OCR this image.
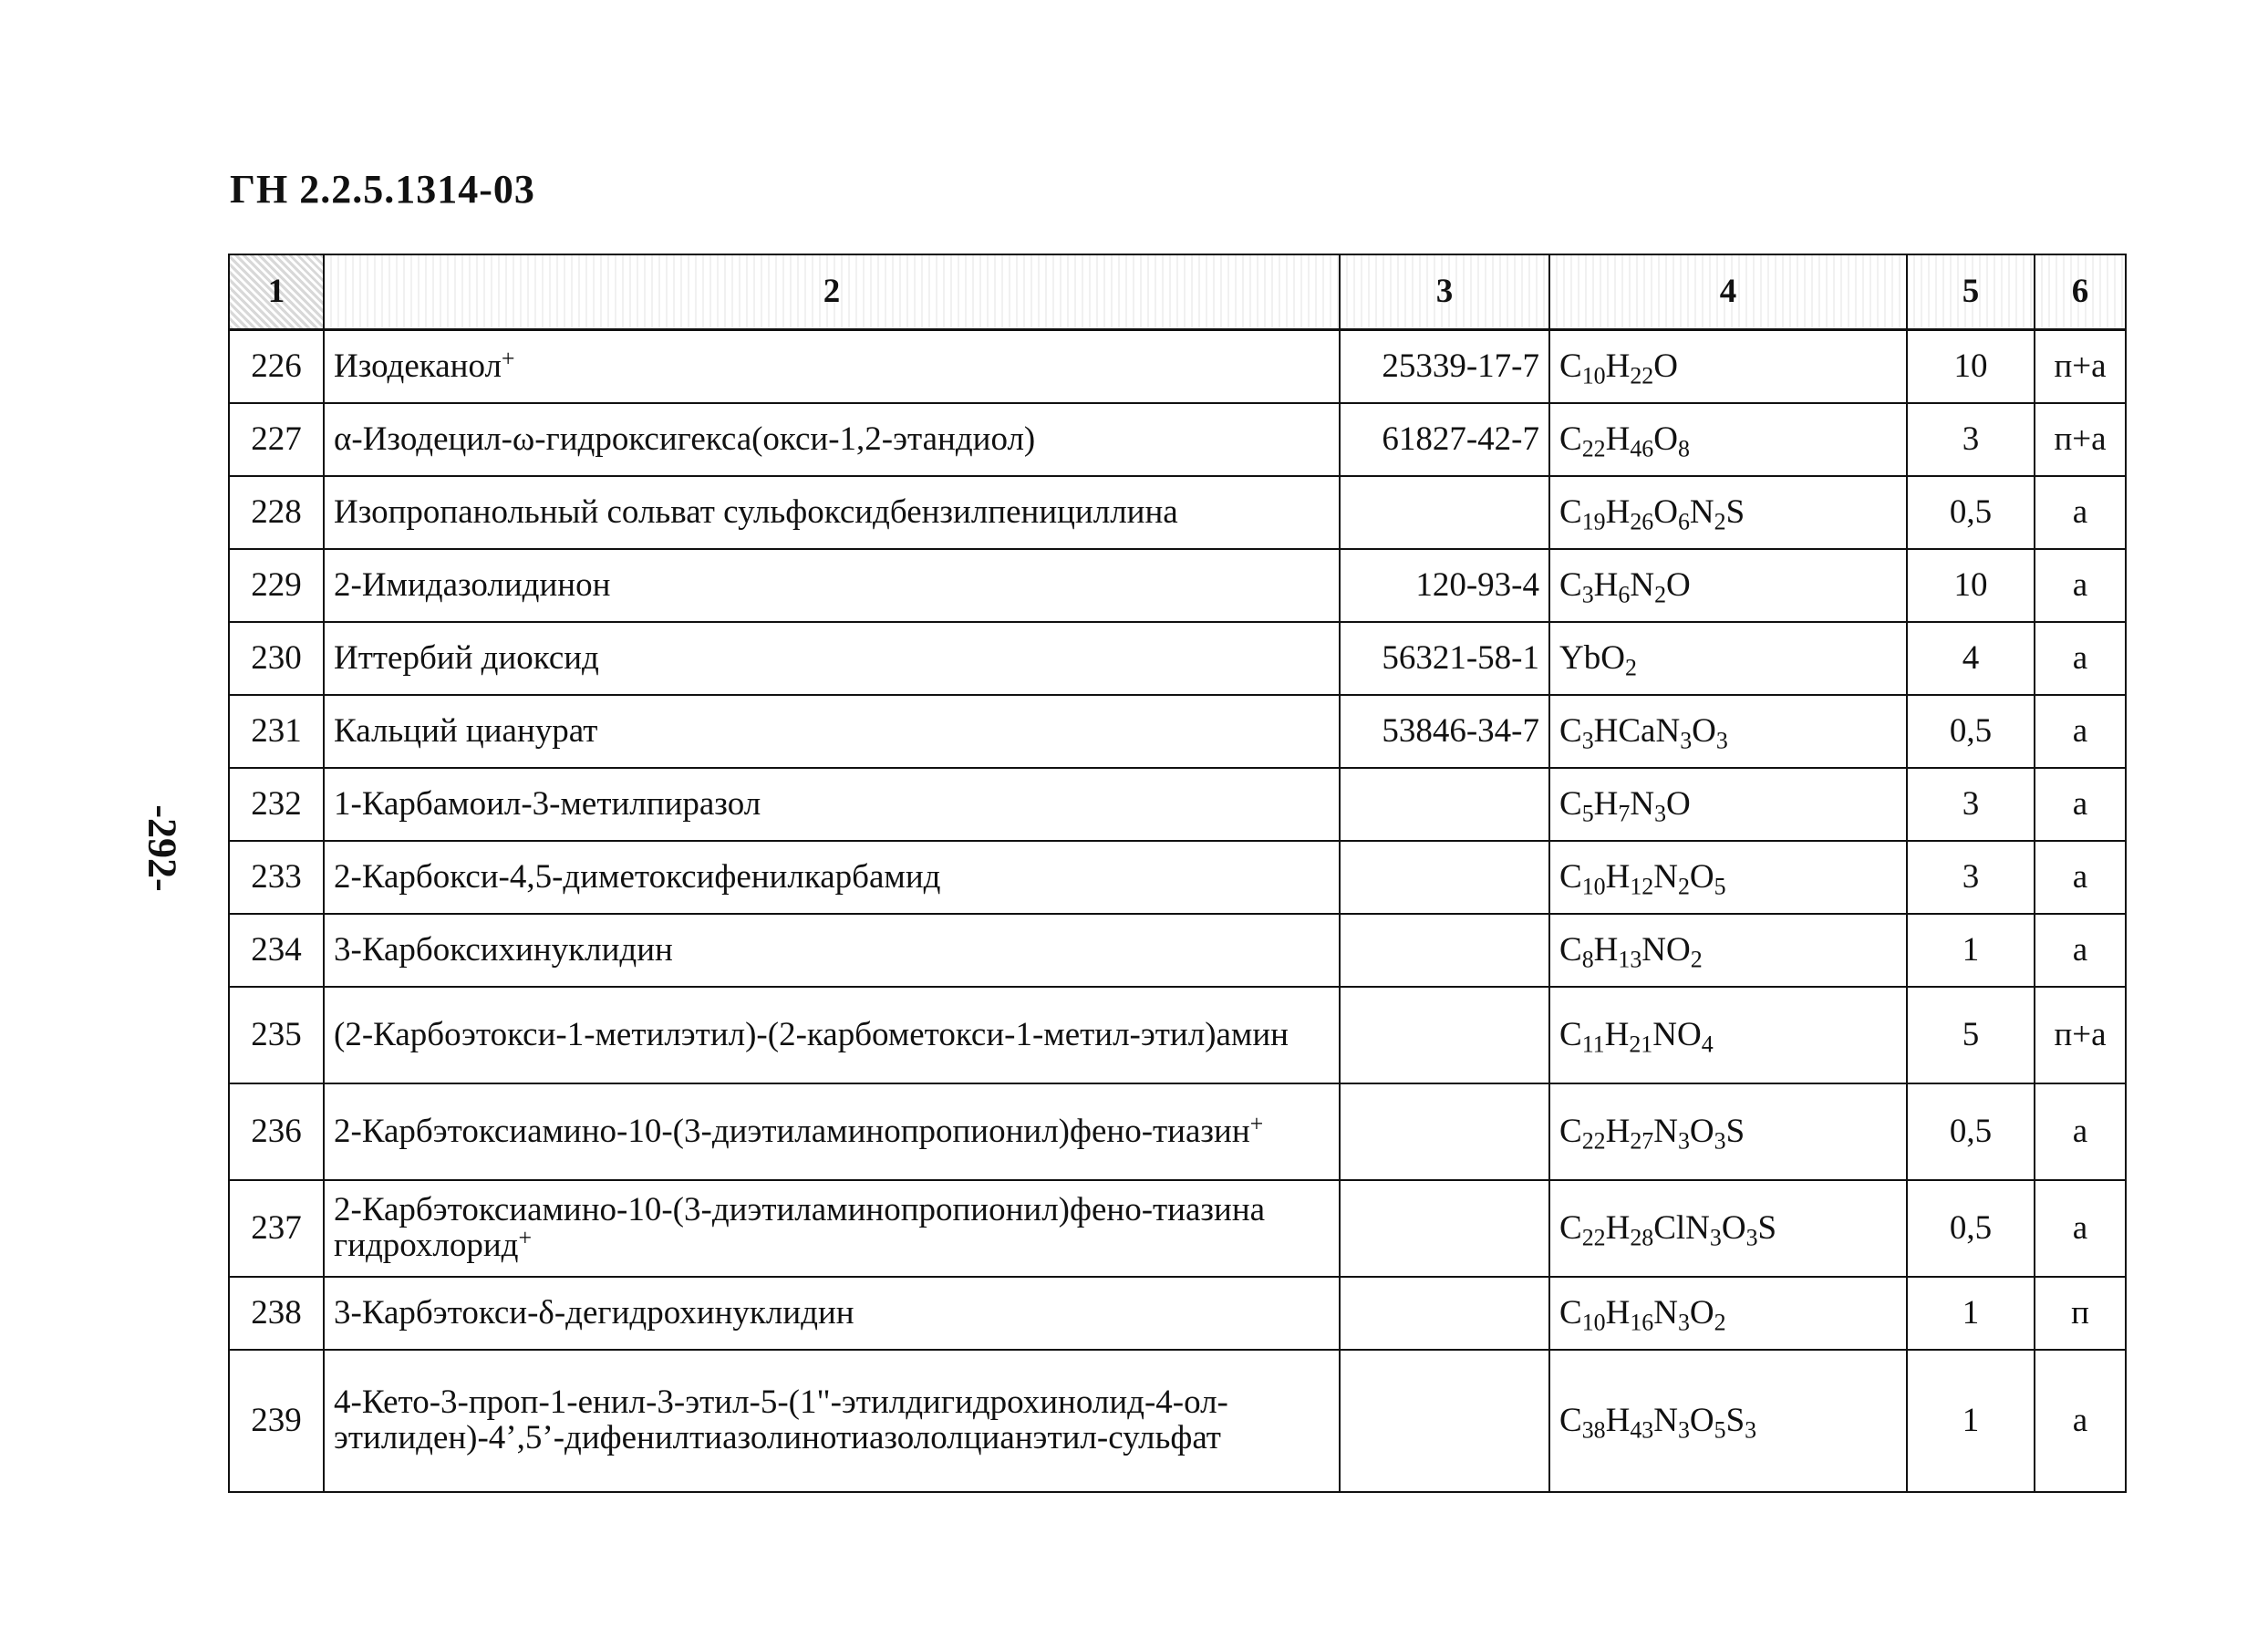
ГН 2.2.5.1314-03
-292-
1	2	3	4	5	6
226	Изодеканол+	25339-17-7	$C_{10}H_{22}O$	10	п+а
227	α-Изодецил-ω-гидроксигекса(окси-1,2-этандиол)	61827-42-7	$C_{22}H_{46}O_8$	3	п+а
228	Изопропанольный сольват сульфоксидбензилпенициллина		$C_{19}H_{26}O_6N_2S$	0,5	а
229	2-Имидазолидинон	120-93-4	$C_3H_6N_2O$	10	а
230	Иттербий диоксид	56321-58-1	YbO$_2$	4	а
231	Кальций цианурат	53846-34-7	$C_3HCaN_3O_3$	0,5	а
232	1-Карбамоил-3-метилпиразол		$C_5H_7N_3O$	3	а
233	2-Карбокси-4,5-диметоксифенилкарбамид		$C_{10}H_{12}N_2O_5$	3	а
234	3-Карбоксихинуклидин		$C_8H_{13}NO_2$	1	а
235	(2-Карбоэтокси-1-метилэтил)-(2-карбометокси-1-метил-этил)амин		$C_{11}H_{21}NO_4$	5	п+а
236	2-Карбэтоксиамино-10-(3-диэтиламинопропионил)фено-тиазин+		$C_{22}H_{27}N_3O_3S$	0,5	а
237	2-Карбэтоксиамино-10-(3-диэтиламинопропионил)фено-тиазина гидрохлорид+		$C_{22}H_{28}ClN_3O_3S$	0,5	а
238	3-Карбэтокси-δ-дегидрохинуклидин		$C_{10}H_{16}N_3O_2$	1	п
239	4-Кето-3-проп-1-енил-3-этил-5-(1"-этилдигидрохинолид-4-ол-этилиден)-4’,5’-дифенилтиазолинотиазололцианэтил-сульфат		$C_{38}H_{43}N_3O_5S_3$	1	а
